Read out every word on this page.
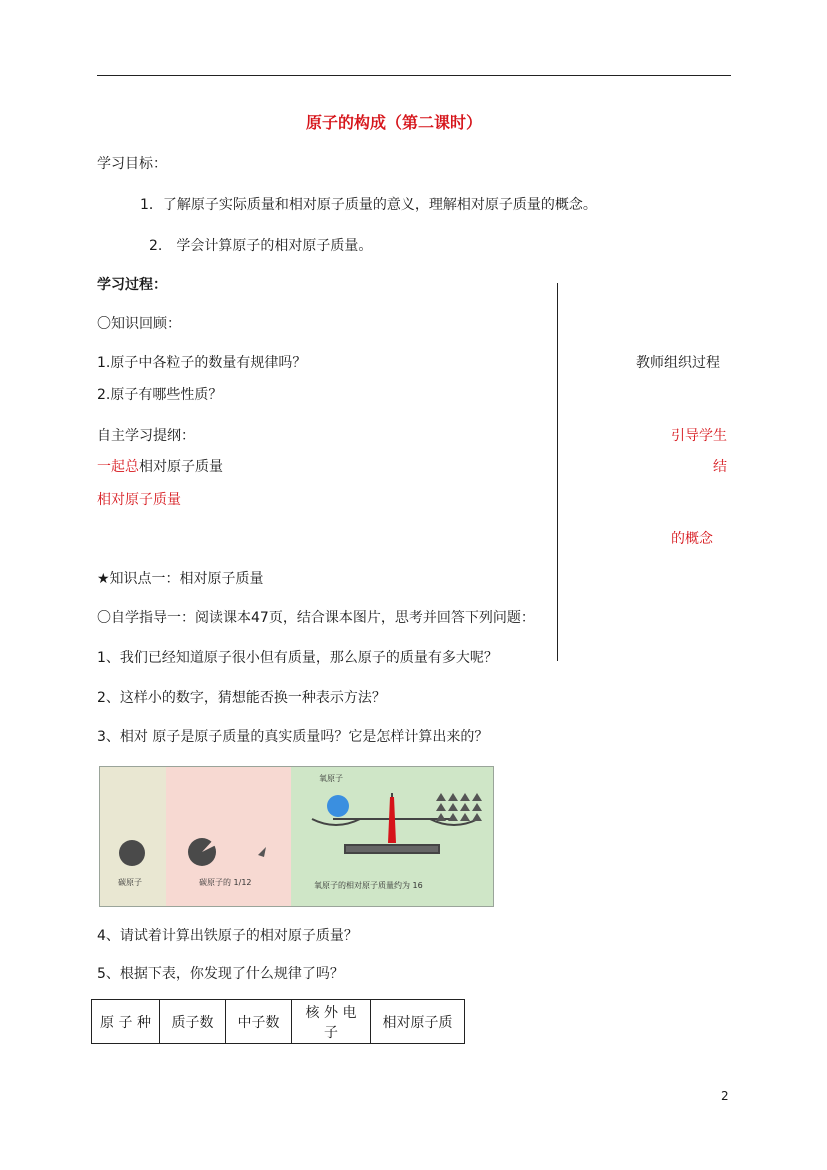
原子的构成（第二课时）
学习目标：
1．了解原子实际质量和相对原子质量的意义，理解相对原子质量的概念。
2.　学会计算原子的相对原子质量。
学习过程：
〇知识回顾：
1.原子中各粒子的数量有规律吗？
2.原子有哪些性质？
自主学习提纲：
一起总相对原子质量
相对原子质量
教师组织过程
引导学生
结
的概念
★知识点一：相对原子质量
〇自学指导一：阅读课本47页，结合课本图片，思考并回答下列问题：
1、我们已经知道原子很小但有质量，那么原子的质量有多大呢？
2、这样小的数字，猜想能否换一种表示方法？
3、相对 原子是原子质量的真实质量吗？它是怎样计算出来的？
碳原子	碳原子的 1/12
氧原子
氧原子的相对原子质量约为 16
4、请试着计算出铁原子的相对原子质量？
5、根据下表，你发现了什么规律了吗？
原 子 种	质子数	中子数	核 外 电 子	相对原子质
2
